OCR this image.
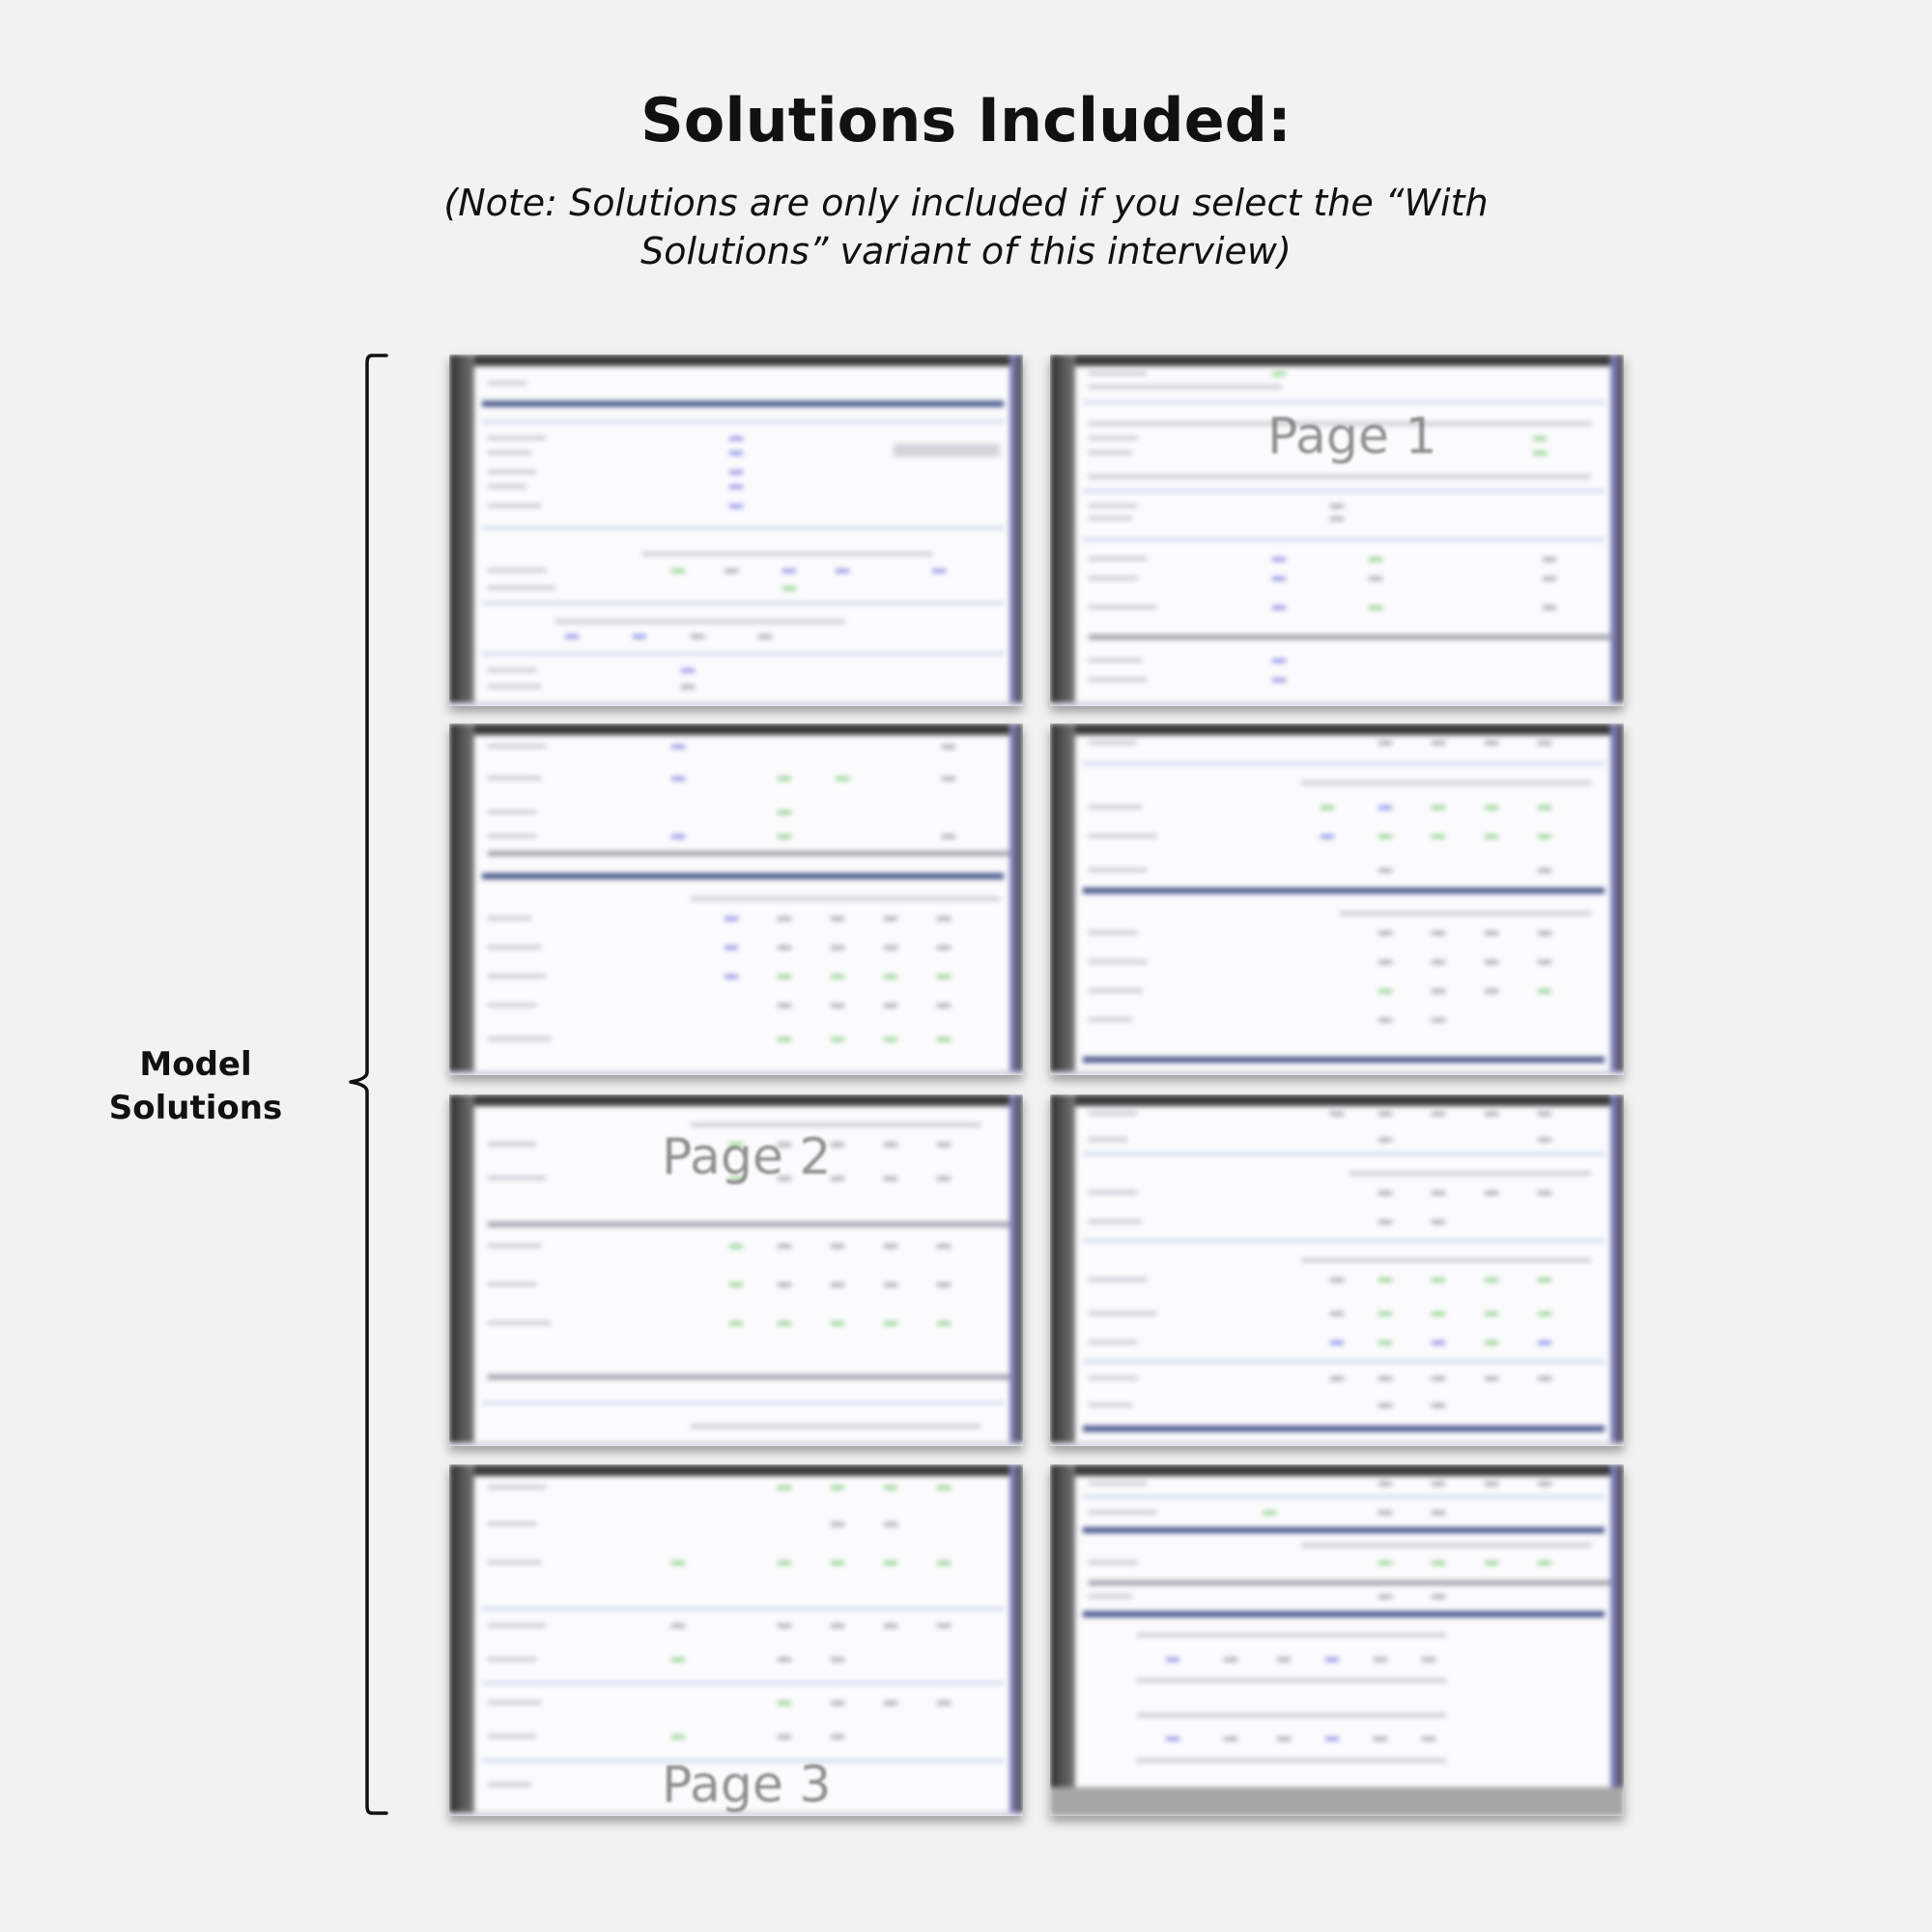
Solutions Included:
(Note: Solutions are only included if you select the “With
Solutions” variant of this interview)
Model
Solutions
Page 1
Page 2
Page 3
